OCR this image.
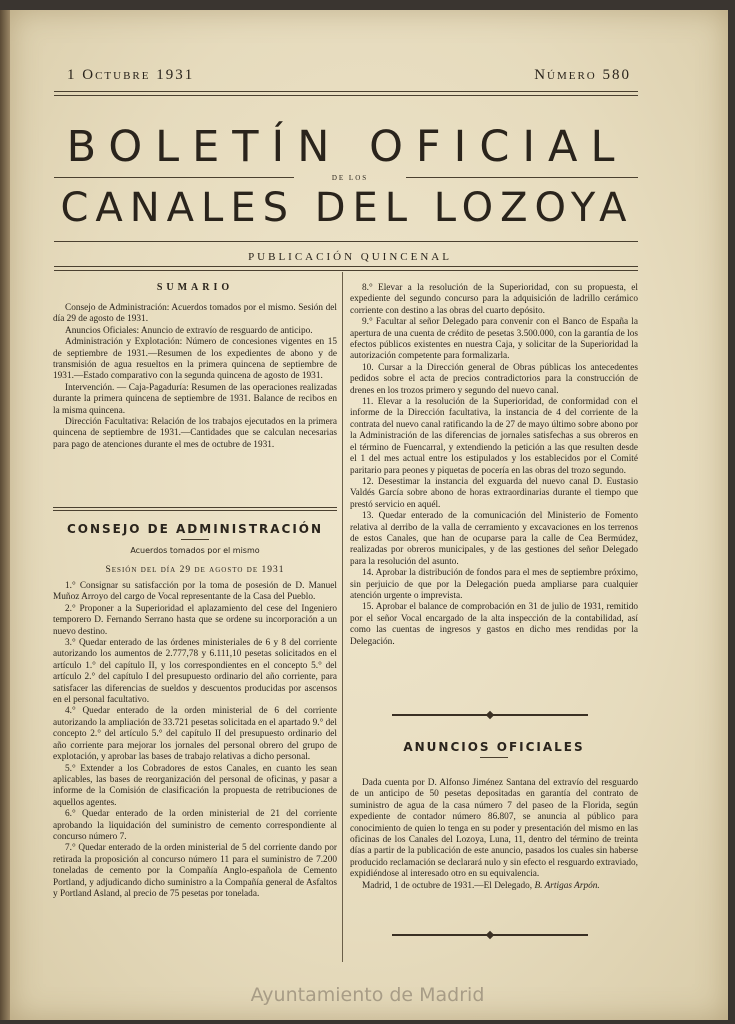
1 Octubre 1931	Número 580
BOLETÍN OFICIAL
DE LOS
CANALES DEL LOZOYA
PUBLICACIÓN QUINCENAL
SUMARIO

Consejo de Administración: Acuerdos tomados por el mismo. Sesión del día 29 de agosto de 1931.

Anuncios Oficiales: Anuncio de extravío de resguardo de anticipo.

Administración y Explotación: Número de concesiones vigentes en 15 de septiembre de 1931.—Resumen de los expedientes de abono y de transmisión de agua resueltos en la primera quincena de septiembre de 1931.—Estado comparativo con la segunda quincena de agosto de 1931.

Intervención. — Caja-Pagaduría: Resumen de las operaciones realizadas durante la primera quincena de septiembre de 1931. Balance de recibos en la misma quincena.

Dirección Facultativa: Relación de los trabajos ejecutados en la primera quincena de septiembre de 1931.—Cantidades que se calculan necesarias para pago de atenciones durante el mes de octubre de 1931.

CONSEJO DE ADMINISTRACIÓN
Acuerdos tomados por el mismo
Sesión del día 29 de agosto de 1931

1.° Consignar su satisfacción por la toma de posesión de D. Manuel Muñoz Arroyo del cargo de Vocal representante de la Casa del Pueblo.

2.° Proponer a la Superioridad el aplazamiento del cese del Ingeniero temporero D. Fernando Serrano hasta que se ordene su incorporación a un nuevo destino.

3.° Quedar enterado de las órdenes ministeriales de 6 y 8 del corriente autorizando los aumentos de 2.777,78 y 6.111,10 pesetas solicitados en el artículo 1.° del capítulo II, y los correspondientes en el concepto 5.° del artículo 2.° del capítulo I del presupuesto ordinario del año corriente, para satisfacer las diferencias de sueldos y descuentos producidas por ascensos en el personal facultativo.

4.° Quedar enterado de la orden ministerial de 6 del corriente autorizando la ampliación de 33.721 pesetas solicitada en el apartado 9.° del concepto 2.° del artículo 5.° del capítulo II del presupuesto ordinario del año corriente para mejorar los jornales del personal obrero del grupo de explotación, y aprobar las bases de trabajo relativas a dicho personal.

5.° Extender a los Cobradores de estos Canales, en cuanto les sean aplicables, las bases de reorganización del personal de oficinas, y pasar a informe de la Comisión de clasificación la propuesta de retribuciones de aquellos agentes.

6.° Quedar enterado de la orden ministerial de 21 del corriente aprobando la liquidación del suministro de cemento correspondiente al concurso número 7.

7.° Quedar enterado de la orden ministerial de 5 del corriente dando por retirada la proposición al concurso número 11 para el suministro de 7.200 toneladas de cemento por la Compañía Anglo-española de Cemento Portland, y adjudicando dicho suministro a la Compañía general de Asfaltos y Portland Asland, al precio de 75 pesetas por tonelada.

8.° Elevar a la resolución de la Superioridad, con su propuesta, el expediente del segundo concurso para la adquisición de ladrillo cerámico corriente con destino a las obras del cuarto depósito.

9.° Facultar al señor Delegado para convenir con el Banco de España la apertura de una cuenta de crédito de pesetas 3.500.000, con la garantía de los efectos públicos existentes en nuestra Caja, y solicitar de la Superioridad la autorización competente para formalizarla.

10. Cursar a la Dirección general de Obras públicas los antecedentes pedidos sobre el acta de precios contradictorios para la construcción de drenes en los trozos primero y segundo del nuevo canal.

11. Elevar a la resolución de la Superioridad, de conformidad con el informe de la Dirección facultativa, la instancia de 4 del corriente de la contrata del nuevo canal ratificando la de 27 de mayo último sobre abono por la Administración de las diferencias de jornales satisfechas a sus obreros en el término de Fuencarral, y extendiendo la petición a las que resulten desde el 1 del mes actual entre los estipulados y los establecidos por el Comité paritario para peones y piquetas de pocería en las obras del trozo segundo.

12. Desestimar la instancia del exguarda del nuevo canal D. Eustasio Valdés García sobre abono de horas extraordinarias durante el tiempo que prestó servicio en aquél.

13. Quedar enterado de la comunicación del Ministerio de Fomento relativa al derribo de la valla de cerramiento y excavaciones en los terrenos de estos Canales, que han de ocuparse para la calle de Cea Bermúdez, realizadas por obreros municipales, y de las gestiones del señor Delegado para la resolución del asunto.

14. Aprobar la distribución de fondos para el mes de septiembre próximo, sin perjuicio de que por la Delegación pueda ampliarse para cualquier atención urgente o imprevista.

15. Aprobar el balance de comprobación en 31 de julio de 1931, remitido por el señor Vocal encargado de la alta inspección de la contabilidad, así como las cuentas de ingresos y gastos en dicho mes rendidas por la Delegación.

ANUNCIOS OFICIALES

Dada cuenta por D. Alfonso Jiménez Santana del extravío del resguardo de un anticipo de 50 pesetas depositadas en garantía del contrato de suministro de agua de la casa número 7 del paseo de la Florida, según expediente de contador número 86.807, se anuncia al público para conocimiento de quien lo tenga en su poder y presentación del mismo en las oficinas de los Canales del Lozoya, Luna, 11, dentro del término de treinta días a partir de la publicación de este anuncio, pasados los cuales sin haberse producido reclamación se declarará nulo y sin efecto el resguardo extraviado, expidiéndose al interesado otro en su equivalencia.

Madrid, 1 de octubre de 1931.—El Delegado, B. Artigas Arpón.

Ayuntamiento de Madrid
